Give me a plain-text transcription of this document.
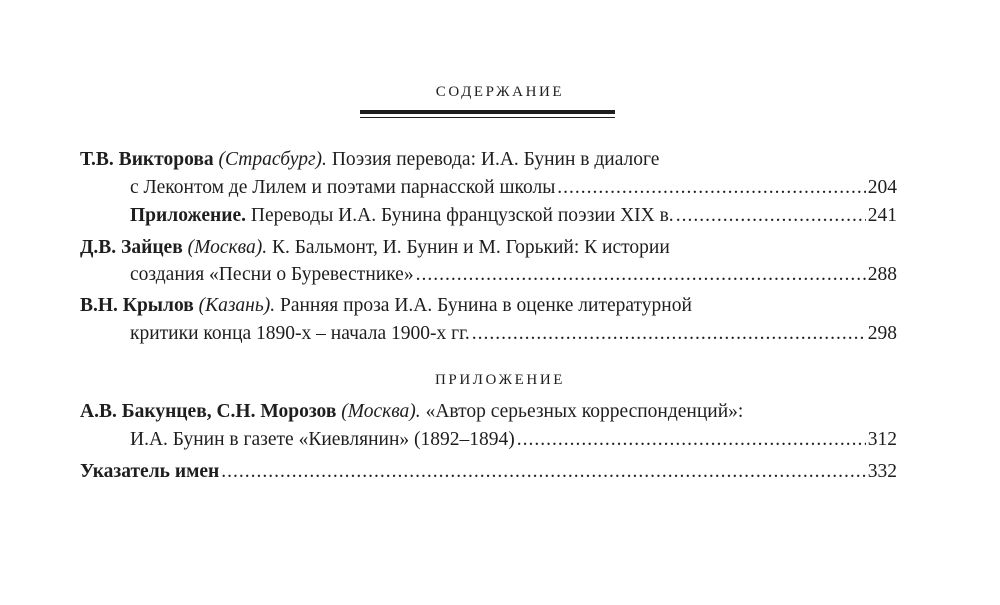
СОДЕРЖАНИЕ
Т.В. Викторова (Страсбург). Поэзия перевода: И.А. Бунин в диалоге
с Леконтом де Лилем и поэтами парнасской школы .....	204
Приложение. Переводы И.А. Бунина французской поэзии XIX в. .....	241
Д.В. Зайцев (Москва). К. Бальмонт, И. Бунин и М. Горький: К истории
создания «Песни о Буревестнике» .....	288
В.Н. Крылов (Казань). Ранняя проза И.А. Бунина в оценке литературной
критики конца 1890-х – начала 1900-х гг. .....	298
ПРИЛОЖЕНИЕ
А.В. Бакунцев, С.Н. Морозов (Москва). «Автор серьезных корреспонденций»:
И.А. Бунин в газете «Киевлянин» (1892–1894) .....	312
Указатель имен .....	332
